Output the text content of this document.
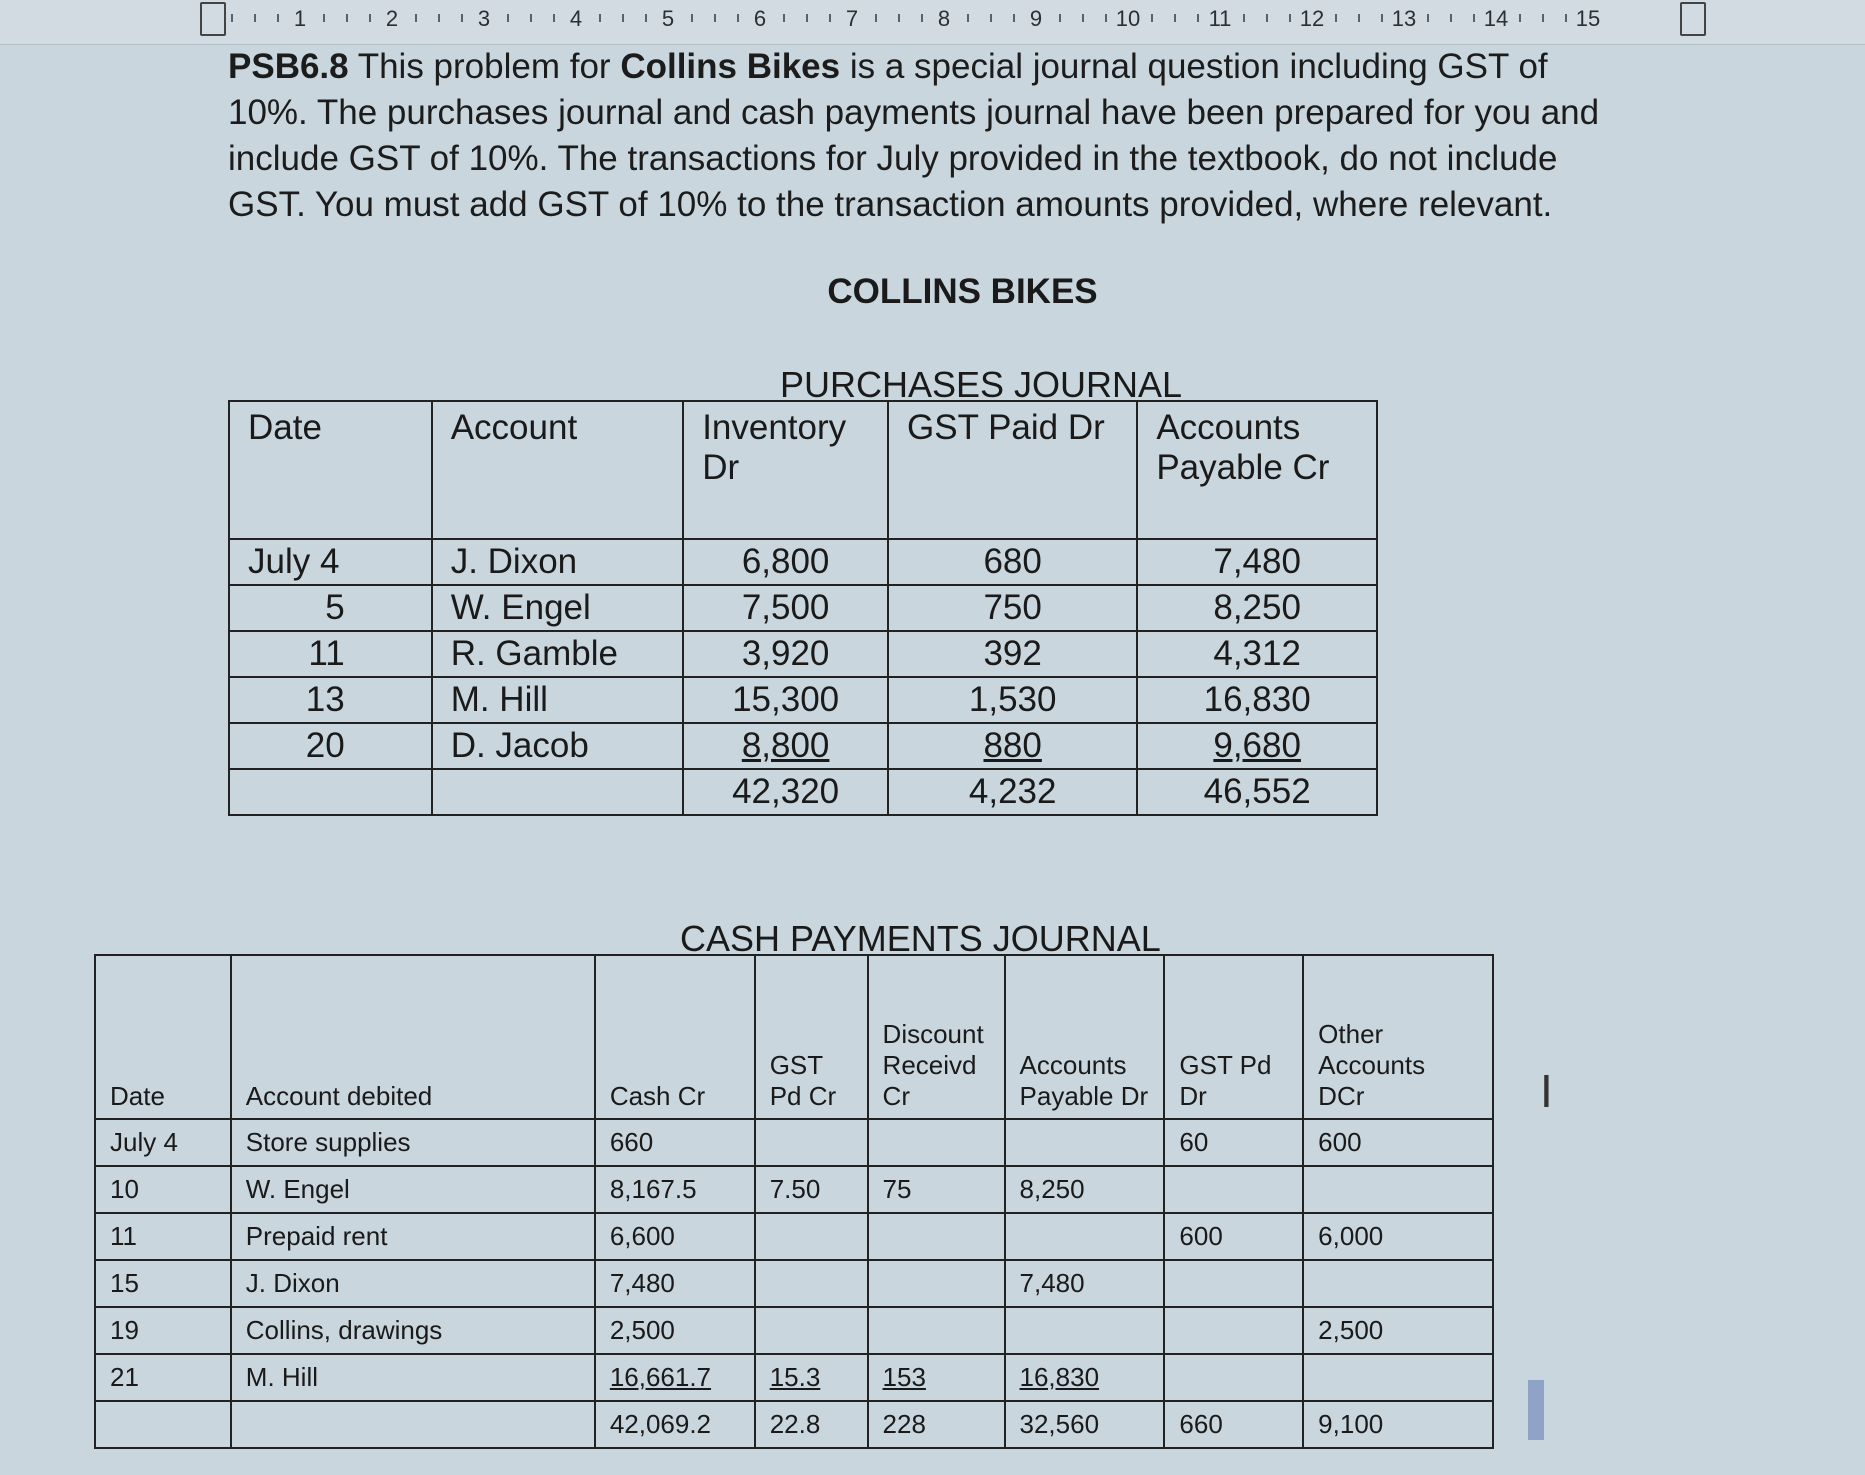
1	2	3	4	5	6	7	8	9	10	11	12	13	14	15
PSB6.8 This problem for Collins Bikes is a special journal question including GST of 10%. The purchases journal and cash payments journal have been prepared for you and include GST of 10%. The transactions for July provided in the textbook, do not include GST. You must add GST of 10% to the transaction amounts provided, where relevant.
COLLINS BIKES
PURCHASES JOURNAL
Date	Account	Inventory Dr	GST Paid Dr	Accounts Payable Cr
July 4	J. Dixon	6,800	680	7,480
5	W. Engel	7,500	750	8,250
11	R. Gamble	3,920	392	4,312
13	M. Hill	15,300	1,530	16,830
20	D. Jacob	8,800	880	9,680
		42,320	4,232	46,552
CASH PAYMENTS JOURNAL
Date	Account debited	Cash Cr	GST Pd Cr	Discount Receivd Cr	Accounts Payable Dr	GST Pd Dr	Other Accounts DCr
July 4	Store supplies	660				60	600
10	W. Engel	8,167.5	7.50	75	8,250		
11	Prepaid rent	6,600				600	6,000
15	J. Dixon	7,480			7,480		
19	Collins, drawings	2,500					2,500
21	M. Hill	16,661.7	15.3	153	16,830		
		42,069.2	22.8	228	32,560	660	9,100
I
